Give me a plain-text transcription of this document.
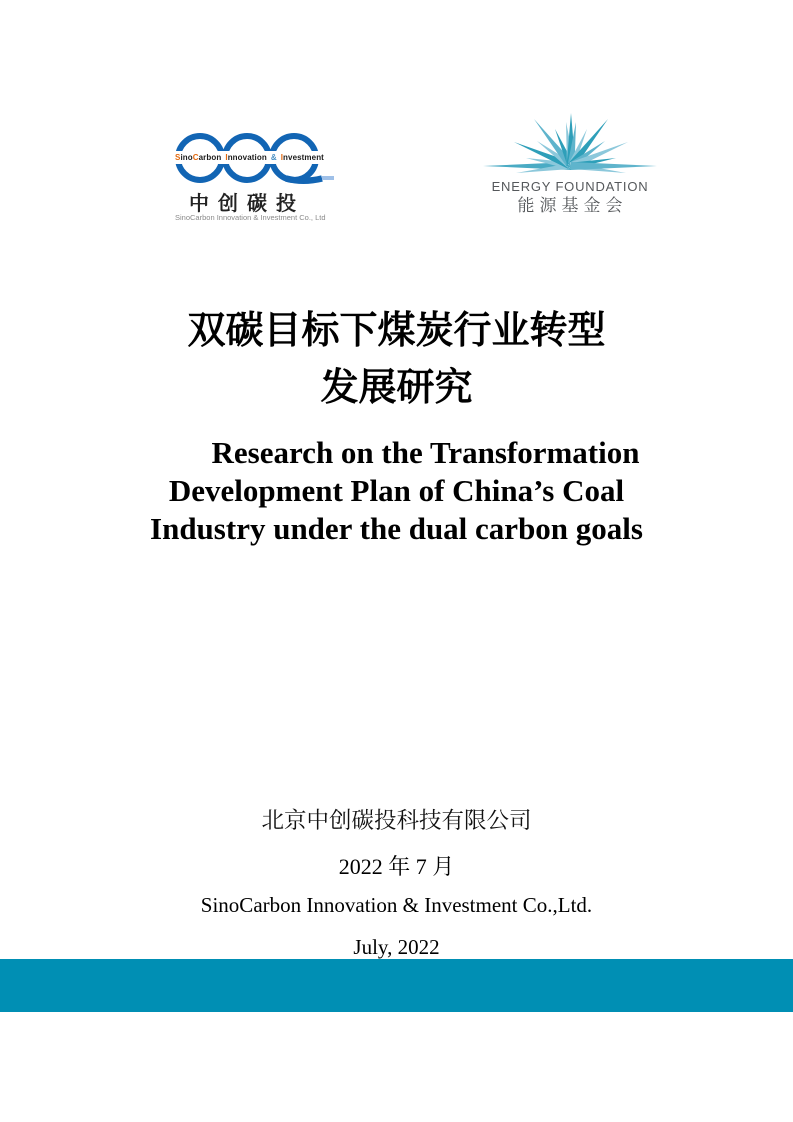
SinoCarbon Innovation & Investment
中创碳投
SinoCarbon Innovation & Investment Co., Ltd
ENERGY FOUNDATION
能源基金会
双碳目标下煤炭行业转型
发展研究
Research on the Transformation
Development Plan of China’s Coal
Industry under the dual carbon goals
北京中创碳投科技有限公司
2022 年 7 月
SinoCarbon Innovation & Investment Co.,Ltd.
July, 2022
